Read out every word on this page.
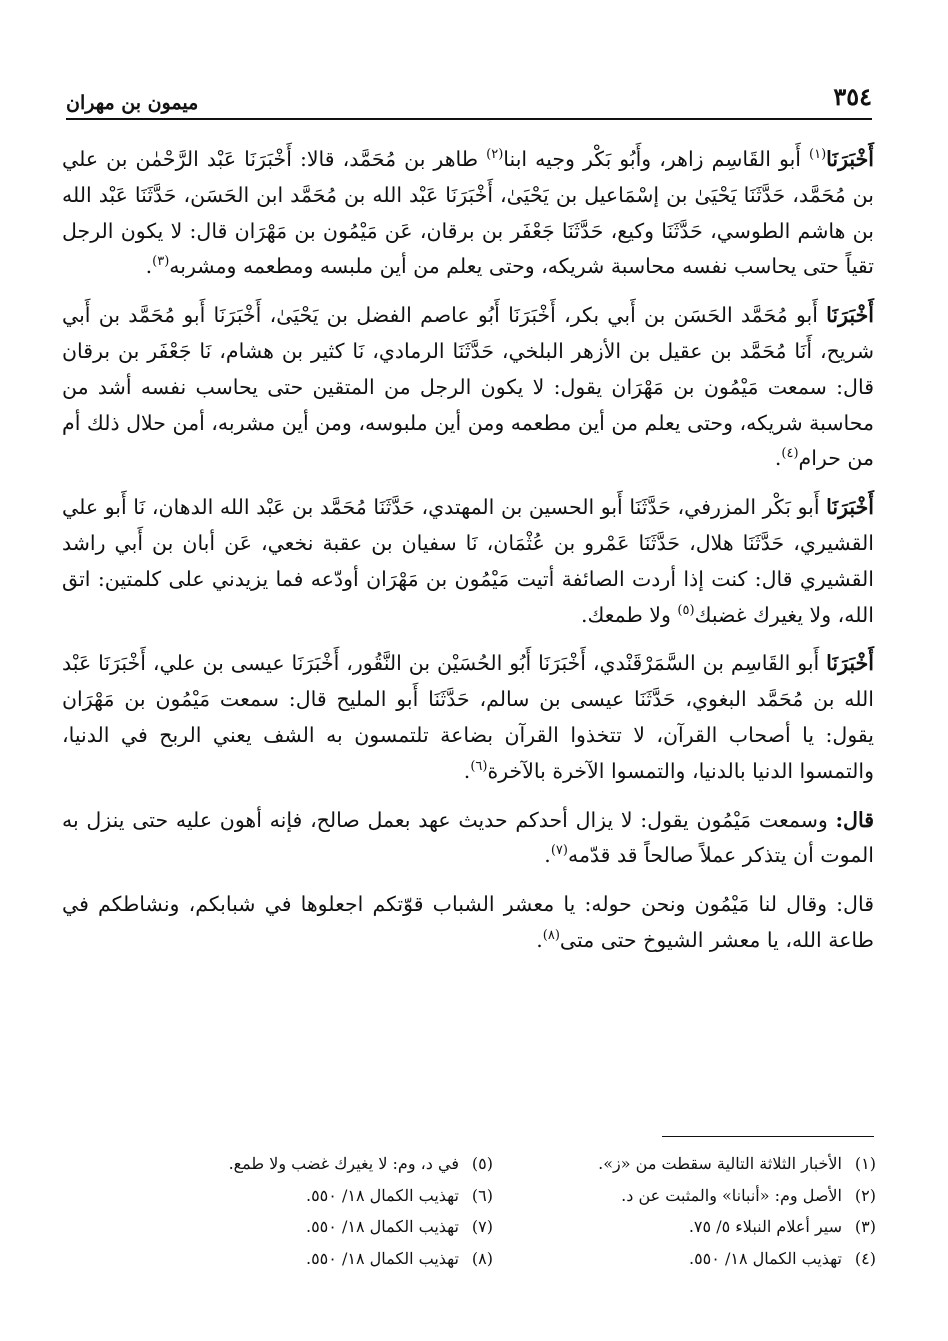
٣٥٤
ميمون بن مهران

أَخْبَرَنَا$^{(١)}$ أَبو القَاسِم زاهر، وأَبُو بَكْر وجيه ابنا$^{(٢)}$ طاهر بن مُحَمَّد، قالا: أَخْبَرَنَا عَبْد الرَّحْمٰن بن علي بن مُحَمَّد، حَدَّثَنَا يَحْيَىٰ بن إسْمَاعيل بن يَحْيَىٰ، أَخْبَرَنَا عَبْد الله بن مُحَمَّد ابن الحَسَن، حَدَّثَنَا عَبْد الله بن هاشم الطوسي، حَدَّثَنَا وكيع، حَدَّثَنَا جَعْفَر بن برقان، عَن مَيْمُون بن مَهْرَان قال: لا يكون الرجل تقياً حتى يحاسب نفسه محاسبة شريكه، وحتى يعلم من أين ملبسه ومطعمه ومشربه$^{(٣)}$.

أَخْبَرَنَا أَبو مُحَمَّد الحَسَن بن أَبي بكر، أَخْبَرَنَا أَبُو عاصم الفضل بن يَحْيَىٰ، أَخْبَرَنَا أَبو مُحَمَّد بن أَبي شريح، أَنَا مُحَمَّد بن عقيل بن الأزهر البلخي، حَدَّثَنَا الرمادي، نَا كثير بن هشام، نَا جَعْفَر بن برقان قال: سمعت مَيْمُون بن مَهْرَان يقول: لا يكون الرجل من المتقين حتى يحاسب نفسه أشد من محاسبة شريكه، وحتى يعلم من أين مطعمه ومن أين ملبوسه، ومن أين مشربه، أمن حلال ذلك أم من حرام$^{(٤)}$.

أَخْبَرَنَا أَبو بَكْر المزرفي، حَدَّثَنَا أَبو الحسين بن المهتدي، حَدَّثَنَا مُحَمَّد بن عَبْد الله الدهان، نَا أَبو علي القشيري، حَدَّثَنَا هلال، حَدَّثَنَا عَمْرو بن عُثْمَان، نَا سفيان بن عقبة نخعي، عَن أبان بن أَبي راشد القشيري قال: كنت إذا أردت الصائفة أتيت مَيْمُون بن مَهْرَان أودّعه فما يزيدني على كلمتين: اتق الله، ولا يغيرك غضبك$^{(٥)}$ ولا طمعك.

أَخْبَرَنَا أَبو القَاسِم بن السَّمَرْقَنْدي، أَخْبَرَنَا أَبُو الحُسَيْن بن النَّقُور، أَخْبَرَنَا عيسى بن علي، أَخْبَرَنَا عَبْد الله بن مُحَمَّد البغوي، حَدَّثَنَا عيسى بن سالم، حَدَّثَنَا أَبو المليح قال: سمعت مَيْمُون بن مَهْرَان يقول: يا أصحاب القرآن، لا تتخذوا القرآن بضاعة تلتمسون به الشف يعني الربح في الدنيا، والتمسوا الدنيا بالدنيا، والتمسوا الآخرة بالآخرة$^{(٦)}$.

قال: وسمعت مَيْمُون يقول: لا يزال أحدكم حديث عهد بعمل صالح، فإنه أهون عليه حتى ينزل به الموت أن يتذكر عملاً صالحاً قد قدّمه$^{(٧)}$.

قال: وقال لنا مَيْمُون ونحن حوله: يا معشر الشباب قوّتكم اجعلوها في شبابكم، ونشاطكم في طاعة الله، يا معشر الشيوخ حتى متى$^{(٨)}$.

(١)الأخبار الثلاثة التالية سقطت من «ز».
(٢)الأصل وم: «أنبانا» والمثبت عن د.
(٣)سير أعلام النبلاء ٥/ ٧٥.
(٤)تهذيب الكمال ١٨/ ٥٥٠.
(٥)في د، وم: لا يغيرك غضب ولا طمع.
(٦)تهذيب الكمال ١٨/ ٥٥٠.
(٧)تهذيب الكمال ١٨/ ٥٥٠.
(٨)تهذيب الكمال ١٨/ ٥٥٠.
